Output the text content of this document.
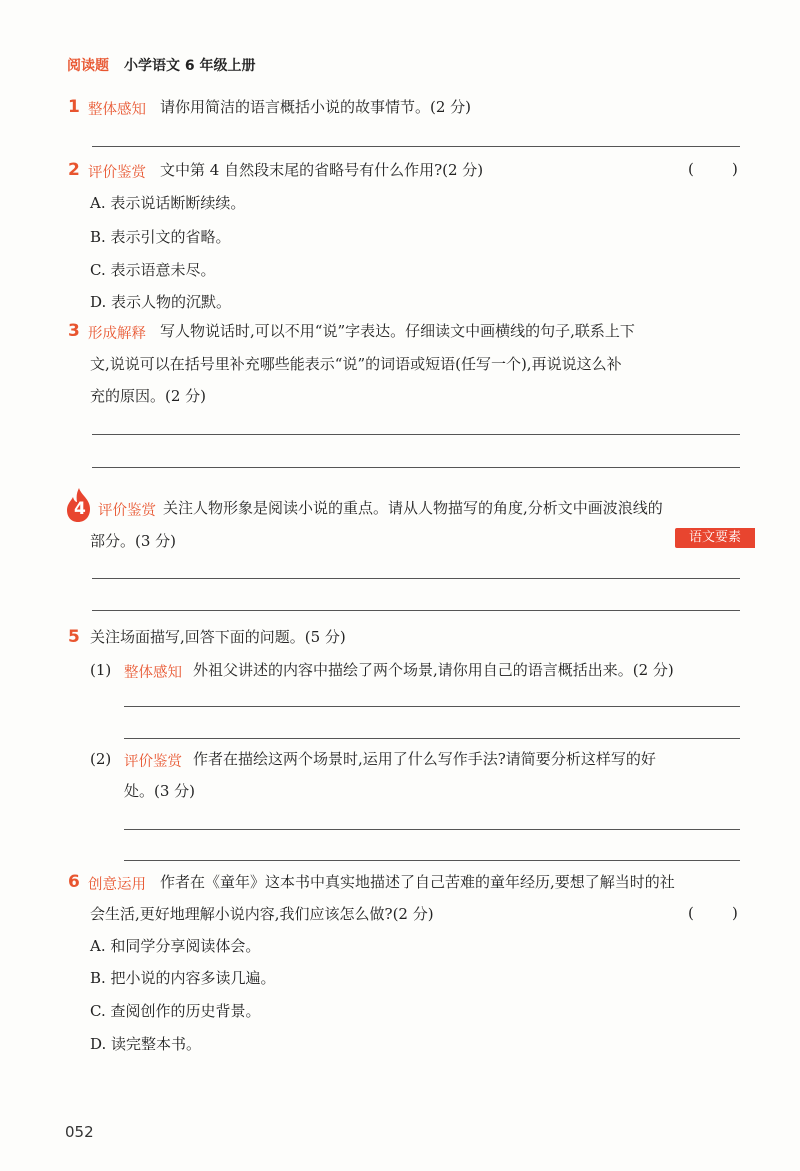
阅读题 小学语文 6 年级上册
1 整体感知 请你用简洁的语言概括小说的故事情节。(2 分)
2 评价鉴赏 文中第 4 自然段末尾的省略号有什么作用?(2 分)	(        )
A. 表示说话断断续续。
B. 表示引文的省略。
C. 表示语意未尽。
D. 表示人物的沉默。
3 形成解释 写人物说话时,可以不用“说”字表达。仔细读文中画横线的句子,联系上下
文,说说可以在括号里补充哪些能表示“说”的词语或短语(任写一个),再说说这么补
充的原因。(2 分)
4 评价鉴赏 关注人物形象是阅读小说的重点。请从人物描写的角度,分析文中画波浪线的
部分。(3 分)	语文要素
5 关注场面描写,回答下面的问题。(5 分)
(1) 整体感知 外祖父讲述的内容中描绘了两个场景,请你用自己的语言概括出来。(2 分)
(2) 评价鉴赏 作者在描绘这两个场景时,运用了什么写作手法?请简要分析这样写的好
处。(3 分)
6 创意运用 作者在《童年》这本书中真实地描述了自己苦难的童年经历,要想了解当时的社
会生活,更好地理解小说内容,我们应该怎么做?(2 分)	(        )
A. 和同学分享阅读体会。
B. 把小说的内容多读几遍。
C. 查阅创作的历史背景。
D. 读完整本书。
052
